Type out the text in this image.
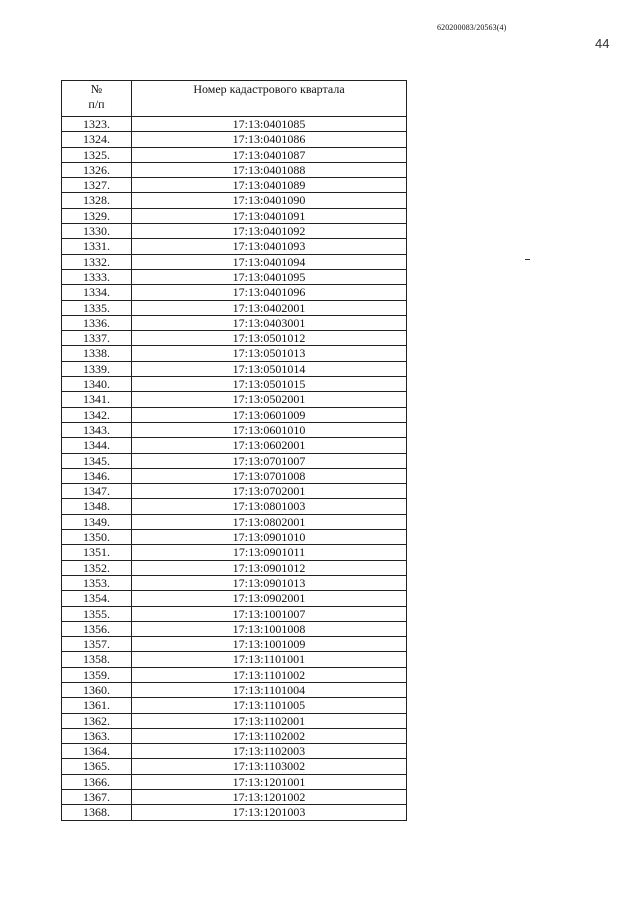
620200083/20563(4)
44
№
п/п	Номер кадастрового квартала
1323.	17:13:0401085
1324.	17:13:0401086
1325.	17:13:0401087
1326.	17:13:0401088
1327.	17:13:0401089
1328.	17:13:0401090
1329.	17:13:0401091
1330.	17:13:0401092
1331.	17:13:0401093
1332.	17:13:0401094
1333.	17:13:0401095
1334.	17:13:0401096
1335.	17:13:0402001
1336.	17:13:0403001
1337.	17:13:0501012
1338.	17:13:0501013
1339.	17:13:0501014
1340.	17:13:0501015
1341.	17:13:0502001
1342.	17:13:0601009
1343.	17:13:0601010
1344.	17:13:0602001
1345.	17:13:0701007
1346.	17:13:0701008
1347.	17:13:0702001
1348.	17:13:0801003
1349.	17:13:0802001
1350.	17:13:0901010
1351.	17:13:0901011
1352.	17:13:0901012
1353.	17:13:0901013
1354.	17:13:0902001
1355.	17:13:1001007
1356.	17:13:1001008
1357.	17:13:1001009
1358.	17:13:1101001
1359.	17:13:1101002
1360.	17:13:1101004
1361.	17:13:1101005
1362.	17:13:1102001
1363.	17:13:1102002
1364.	17:13:1102003
1365.	17:13:1103002
1366.	17:13:1201001
1367.	17:13:1201002
1368.	17:13:1201003
